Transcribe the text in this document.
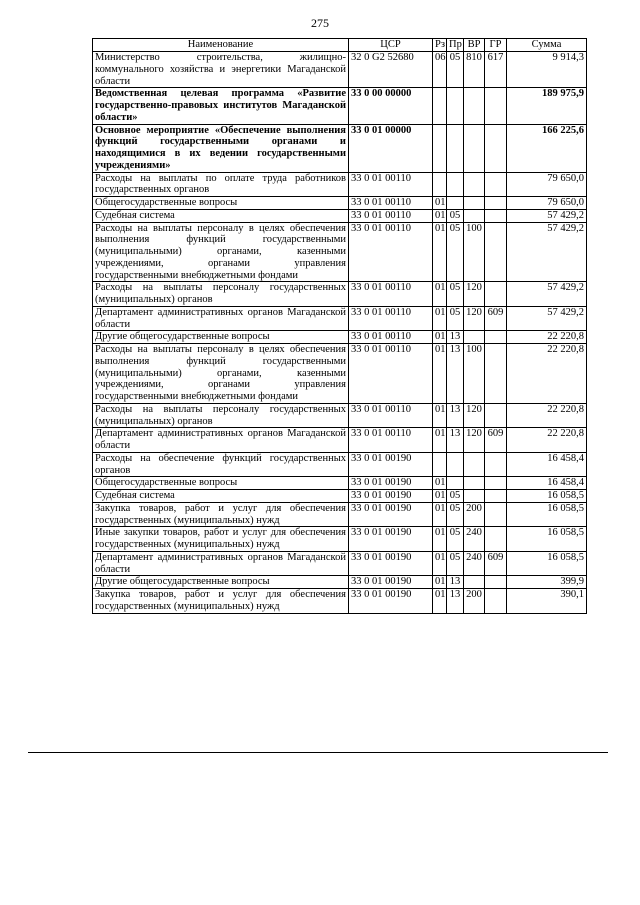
275
Наименование	ЦСР	Рз	Пр	ВР	ГР	Сумма
Министерство строительства, жилищно-коммунального хозяйства и энергетики Магаданской области	32 0 G2 52680	06	05	810	617	9 914,3
Ведомственная целевая программа «Развитие государственно-правовых институтов Магаданской области»	33 0 00 00000					189 975,9
Основное мероприятие «Обеспечение выполнения функций государственными органами и находящимися в их ведении государственными учреждениями»	33 0 01 00000					166 225,6
Расходы на выплаты по оплате труда работников государственных органов	33 0 01 00110					79 650,0
Общегосударственные вопросы	33 0 01 00110	01				79 650,0
Судебная система	33 0 01 00110	01	05			57 429,2
Расходы на выплаты персоналу в целях обеспечения выполнения функций государственными (муниципальными) органами, казенными учреждениями, органами управления государственными внебюджетными фондами	33 0 01 00110	01	05	100		57 429,2
Расходы на выплаты персоналу государственных (муниципальных) органов	33 0 01 00110	01	05	120		57 429,2
Департамент административных органов Магаданской области	33 0 01 00110	01	05	120	609	57 429,2
Другие общегосударственные вопросы	33 0 01 00110	01	13			22 220,8
Расходы на выплаты персоналу в целях обеспечения выполнения функций государственными (муниципальными) органами, казенными учреждениями, органами управления государственными внебюджетными фондами	33 0 01 00110	01	13	100		22 220,8
Расходы на выплаты персоналу государственных (муниципальных) органов	33 0 01 00110	01	13	120		22 220,8
Департамент административных органов Магаданской области	33 0 01 00110	01	13	120	609	22 220,8
Расходы на обеспечение функций государственных органов	33 0 01 00190					16 458,4
Общегосударственные вопросы	33 0 01 00190	01				16 458,4
Судебная система	33 0 01 00190	01	05			16 058,5
Закупка товаров, работ и услуг для обеспечения государственных (муниципальных) нужд	33 0 01 00190	01	05	200		16 058,5
Иные закупки товаров, работ и услуг для обеспечения государственных (муниципальных) нужд	33 0 01 00190	01	05	240		16 058,5
Департамент административных органов Магаданской области	33 0 01 00190	01	05	240	609	16 058,5
Другие общегосударственные вопросы	33 0 01 00190	01	13			399,9
Закупка товаров, работ и услуг для обеспечения государственных (муниципальных) нужд	33 0 01 00190	01	13	200		390,1
